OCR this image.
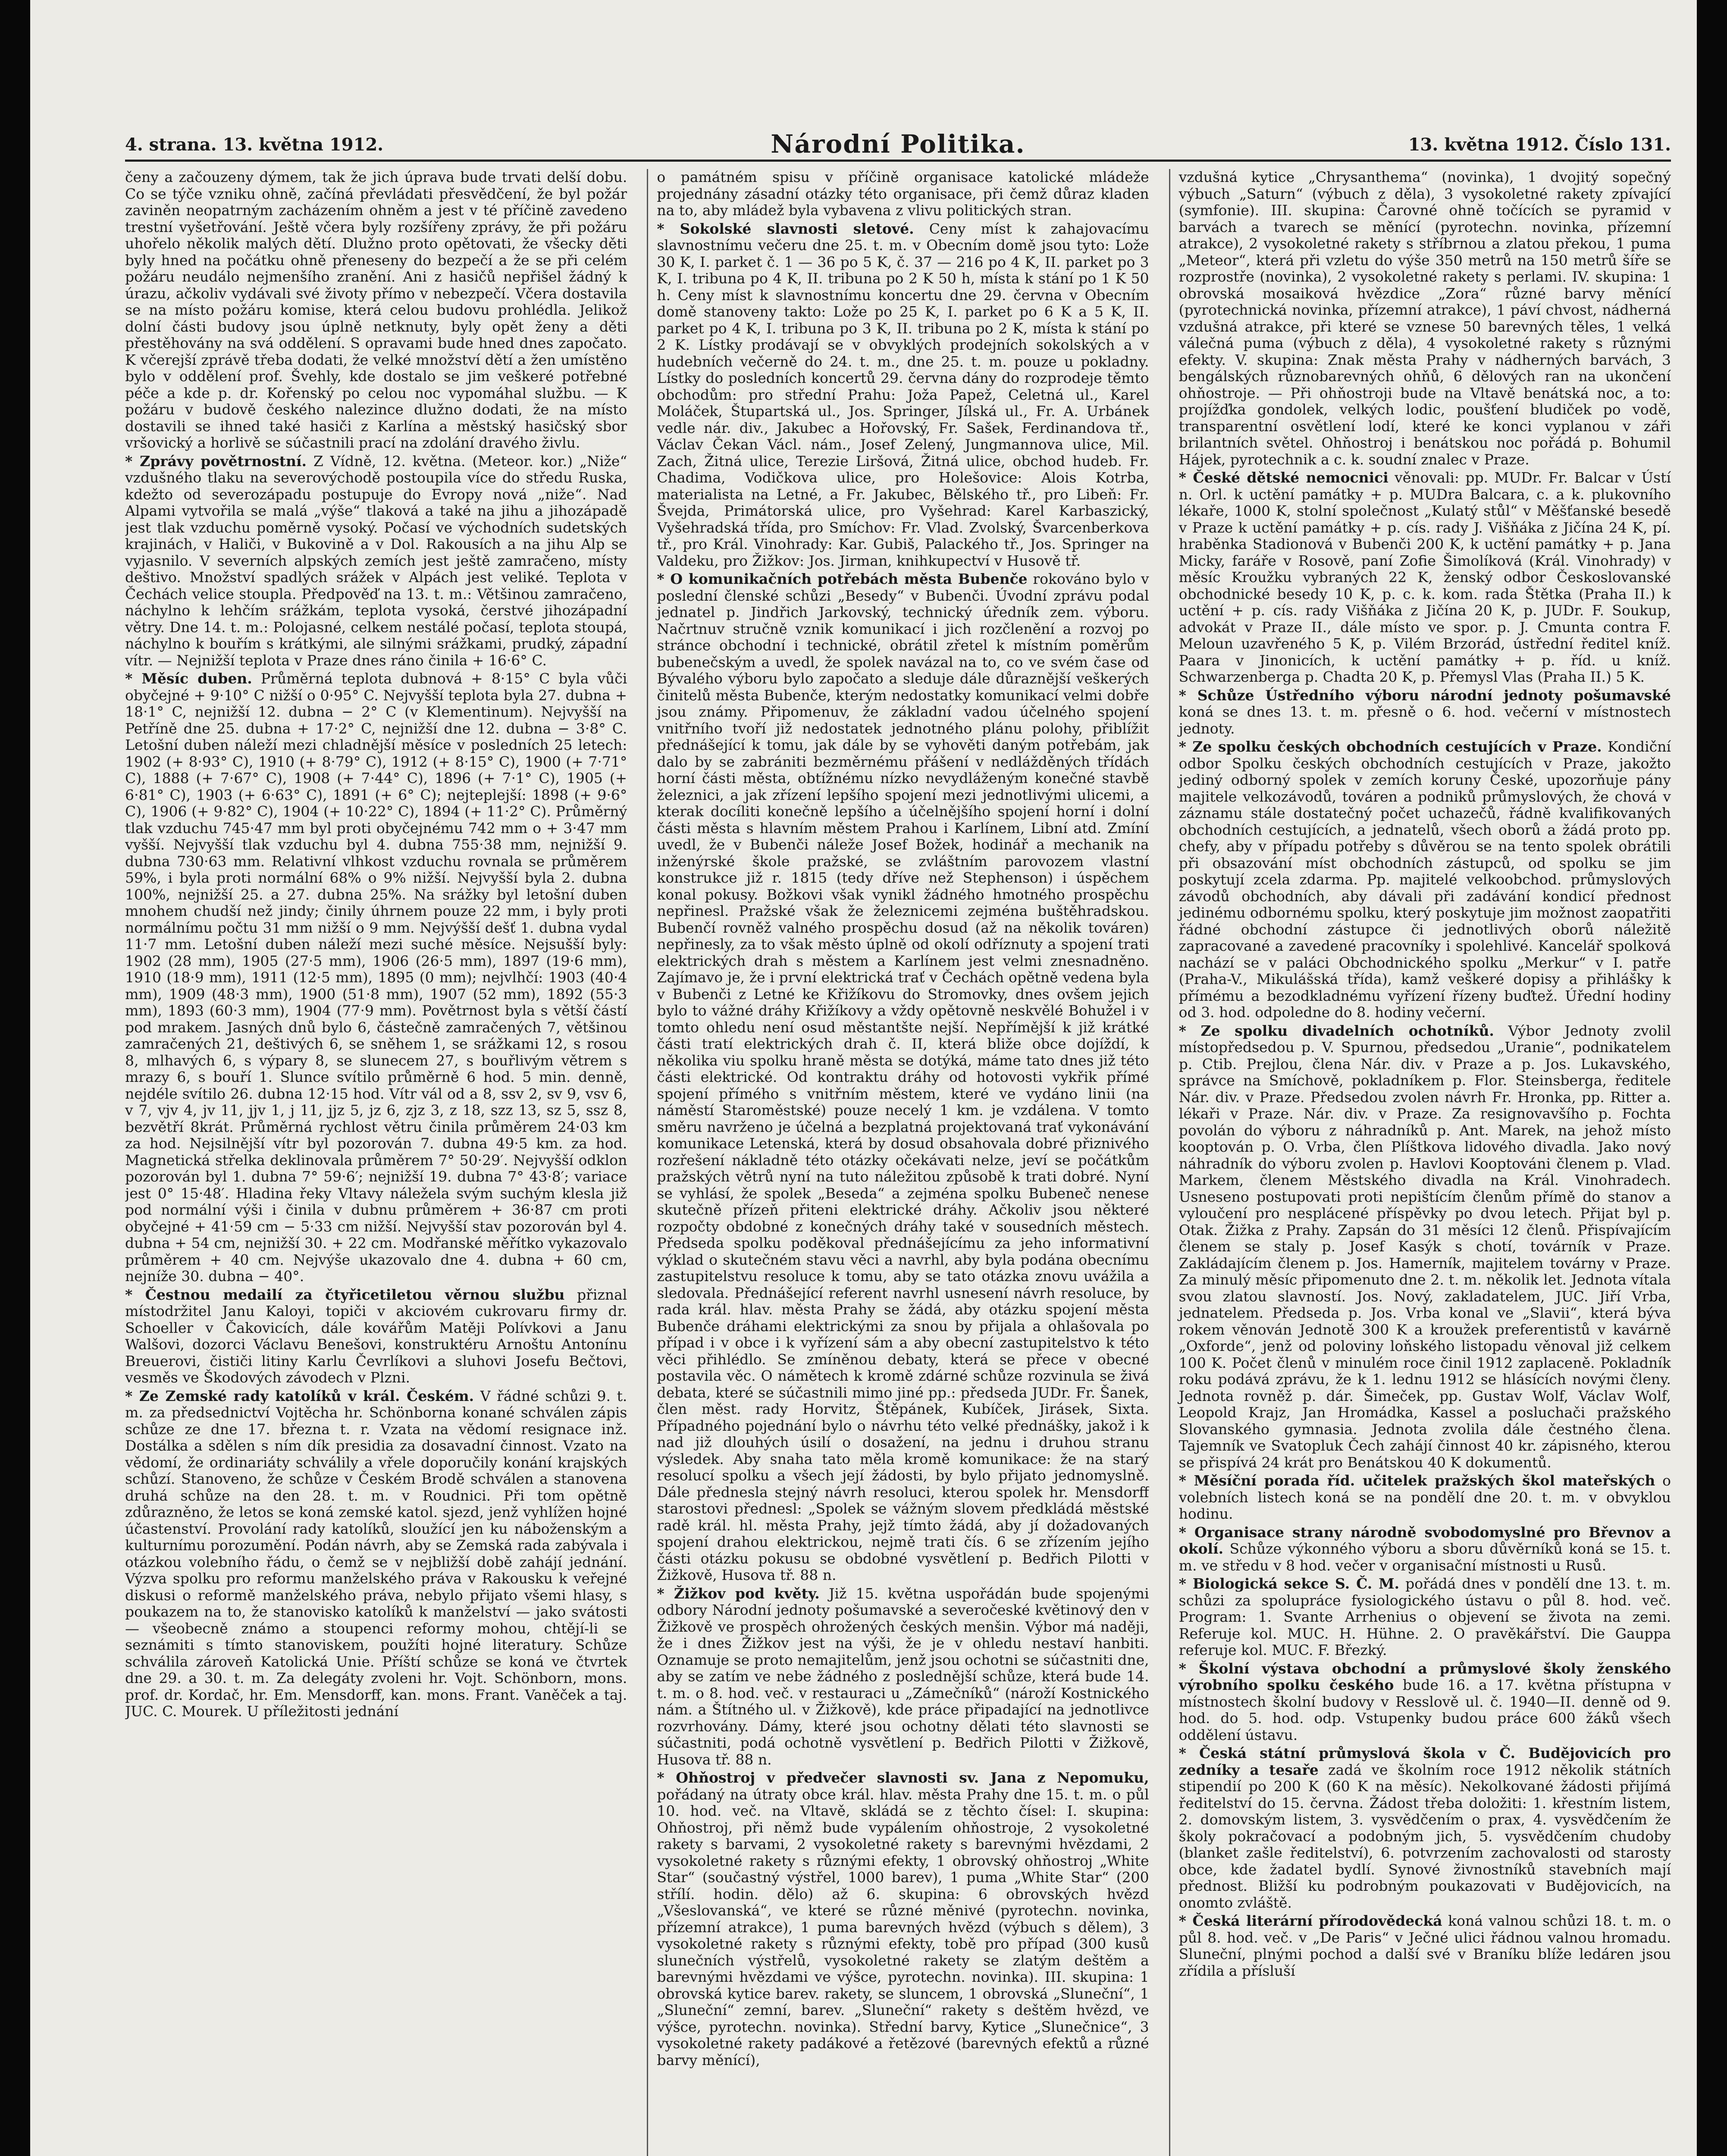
4. strana. 13. května 1912.	Národní Politika.	13. května 1912. Číslo 131.

čeny a začouzeny dýmem, tak že jich úprava bude trvati delší dobu. Co se týče vzniku ohně, začíná převládati přesvědčení, že byl požár zaviněn neopatrným zacházením ohněm a jest v té příčině zavedeno trestní vyšetřování. Ještě včera byly rozšířeny zprávy, že při požáru uhořelo několik malých dětí. Dlužno proto opětovati, že všecky děti byly hned na počátku ohně přeneseny do bezpečí a že se při celém požáru neudálo nejmenšího zranění. Ani z hasičů nepřišel žádný k úrazu, ačkoliv vydávali své životy přímo v nebezpečí. Včera dostavila se na místo požáru komise, která celou budovu prohlédla. Jelikož dolní části budovy jsou úplně netknuty, byly opět ženy a děti přestěhovány na svá oddělení. S opravami bude hned dnes započato. K včerejší zprávě třeba dodati, že velké množství dětí a žen umístěno bylo v oddělení prof. Švehly, kde dostalo se jim veškeré potřebné péče a kde p. dr. Kořenský po celou noc vypomáhal službu. — K požáru v budově českého nalezince dlužno dodati, že na místo dostavili se ihned také hasiči z Karlína a městský hasičský sbor vršovický a horlivě se súčastnili prací na zdolání dravého živlu.

* Zprávy povětrnostní. Z Vídně, 12. května. (Meteor. kor.) „Niže“ vzdušného tlaku na severovýchodě postoupila více do středu Ruska, kdežto od severozápadu postupuje do Evropy nová „niže“. Nad Alpami vytvořila se malá „výše“ tlaková a také na jihu a jihozápadě jest tlak vzduchu poměrně vysoký. Počasí ve východních sudetských krajinách, v Haliči, v Bukovině a v Dol. Rakousích a na jihu Alp se vyjasnilo. V severních alpských zemích jest ještě zamračeno, místy deštivo. Množství spadlých srážek v Alpách jest veliké. Teplota v Čechách velice stoupla. Předpověď na 13. t. m.: Většinou zamračeno, náchylno k lehčím srážkám, teplota vysoká, čerstvé jihozápadní větry. Dne 14. t. m.: Polojasné, celkem nestálé počasí, teplota stoupá, náchylno k bouřím s krátkými, ale silnými srážkami, prudký, západní vítr. — Nejnižší teplota v Praze dnes ráno činila + 16·6° C.

* Měsíc duben. Průměrná teplota dubnová + 8·15° C byla vůči obyčejné + 9·10° C nižší o 0·95° C. Nejvyšší teplota byla 27. dubna + 18·1° C, nejnižší 12. dubna − 2° C (v Klementinum). Nejvyšší na Petříně dne 25. dubna + 17·2° C, nejnižší dne 12. dubna − 3·8° C. Letošní duben náleží mezi chladnější měsíce v posledních 25 letech: 1902 (+ 8·93° C), 1910 (+ 8·79° C), 1912 (+ 8·15° C), 1900 (+ 7·71° C), 1888 (+ 7·67° C), 1908 (+ 7·44° C), 1896 (+ 7·1° C), 1905 (+ 6·81° C), 1903 (+ 6·63° C), 1891 (+ 6° C); nejteplejší: 1898 (+ 9·6° C), 1906 (+ 9·82° C), 1904 (+ 10·22° C), 1894 (+ 11·2° C). Průměrný tlak vzduchu 745·47 mm byl proti obyčejnému 742 mm o + 3·47 mm vyšší. Nejvyšší tlak vzduchu byl 4. dubna 755·38 mm, nejnižší 9. dubna 730·63 mm. Relativní vlhkost vzduchu rovnala se průměrem 59%, i byla proti normální 68% o 9% nižší. Nejvyšší byla 2. dubna 100%, nejnižší 25. a 27. dubna 25%. Na srážky byl letošní duben mnohem chudší než jindy; činily úhrnem pouze 22 mm, i byly proti normálnímu počtu 31 mm nižší o 9 mm. Nejvýšší dešť 1. dubna vydal 11·7 mm. Letošní duben náleží mezi suché měsíce. Nejsušší byly: 1902 (28 mm), 1905 (27·5 mm), 1906 (26·5 mm), 1897 (19·6 mm), 1910 (18·9 mm), 1911 (12·5 mm), 1895 (0 mm); nejvlhčí: 1903 (40·4 mm), 1909 (48·3 mm), 1900 (51·8 mm), 1907 (52 mm), 1892 (55·3 mm), 1893 (60·3 mm), 1904 (77·9 mm). Povětrnost byla s větší částí pod mrakem. Jasných dnů bylo 6, částečně zamračených 7, většinou zamračených 21, deštivých 6, se sněhem 1, se srážkami 12, s rosou 8, mlhavých 6, s výpary 8, se slunecem 27, s bouřlivým větrem s mrazy 6, s bouří 1. Slunce svítilo průměrně 6 hod. 5 min. denně, nejdéle svítilo 26. dubna 12·15 hod. Vítr vál od a 8, ssv 2, sv 9, vsv 6, v 7, vjv 4, jv 11, jjv 1, j 11, jjz 5, jz 6, zjz 3, z 18, szz 13, sz 5, ssz 8, bezvětří 8krát. Průměrná rychlost větru činila průměrem 24·03 km za hod. Nejsilnější vítr byl pozorován 7. dubna 49·5 km. za hod. Magnetická střelka deklinovala průměrem 7° 50·29′. Nejvyšší odklon pozorován byl 1. dubna 7° 59·6′; nejnižší 19. dubna 7° 43·8′; variace jest 0° 15·48′. Hladina řeky Vltavy náležela svým suchým klesla již pod normální výši i činila v dubnu průměrem + 36·87 cm proti obyčejné + 41·59 cm − 5·33 cm nižší. Nejvyšší stav pozorován byl 4. dubna + 54 cm, nejnižší 30. + 22 cm. Modřanské měřítko vykazovalo průměrem + 40 cm. Nejvýše ukazovalo dne 4. dubna + 60 cm, nejníže 30. dubna − 40°.

* Čestnou medailí za čtyřicetiletou věrnou službu přiznal místodržitel Janu Kaloyi, topiči v akciovém cukrovaru firmy dr. Schoeller v Čakovicích, dále kovářům Matěji Polívkovi a Janu Walšovi, dozorci Václavu Benešovi, konstruktéru Arnoštu Antonínu Breuerovi, čističi litiny Karlu Čevrlíkovi a sluhovi Josefu Bečtovi, vesměs ve Škodových závodech v Plzni.

* Ze Zemské rady katolíků v král. Českém. V řádné schůzi 9. t. m. za předsednictví Vojtěcha hr. Schönborna konané schválen zápis schůze ze dne 17. března t. r. Vzata na vědomí resignace inž. Dostálka a sdělen s ním dík presidia za dosavadní činnost. Vzato na vědomí, že ordinariáty schválily a vřele doporučily konání krajských schůzí. Stanoveno, že schůze v Českém Brodě schválen a stanovena druhá schůze na den 28. t. m. v Roudnici. Při tom opětně zdůrazněno, že letos se koná zemské katol. sjezd, jenž vyhlížen hojné účastenství. Provolání rady katolíků, sloužící jen ku náboženským a kulturnímu porozumění. Podán návrh, aby se Zemská rada zabývala i otázkou volebního řádu, o čemž se v nejbližší době zahájí jednání. Výzva spolku pro reformu manželského práva v Rakousku k veřejné diskusi o reformě manželského práva, nebylo přijato všemi hlasy, s poukazem na to, že stanovisko katolíků k manželství — jako svátosti — všeobecně známo a stoupenci reformy mohou, chtějí-li se seznámiti s tímto stanoviskem, použíti hojné literatury. Schůze schválila zároveň Katolická Unie. Příští schůze se koná ve čtvrtek dne 29. a 30. t. m. Za delegáty zvoleni hr. Vojt. Schönborn, mons. prof. dr. Kordač, hr. Em. Mensdorff, kan. mons. Frant. Vaněček a taj. JUC. C. Mourek. U příležitosti jednání

o památném spisu v příčině organisace katolické mládeže projednány zásadní otázky této organisace, při čemž důraz kladen na to, aby mládež byla vybavena z vlivu politických stran.

* Sokolské slavnosti sletové. Ceny míst k zahajovacímu slavnostnímu večeru dne 25. t. m. v Obecním domě jsou tyto: Lože 30 K, I. parket č. 1 — 36 po 5 K, č. 37 — 216 po 4 K, II. parket po 3 K, I. tribuna po 4 K, II. tribuna po 2 K 50 h, místa k stání po 1 K 50 h. Ceny míst k slavnostnímu koncertu dne 29. června v Obecním domě stanoveny takto: Lože po 25 K, I. parket po 6 K a 5 K, II. parket po 4 K, I. tribuna po 3 K, II. tribuna po 2 K, místa k stání po 2 K. Lístky prodávají se v obvyklých prodejních sokolských a v hudebních večerně do 24. t. m., dne 25. t. m. pouze u pokladny. Lístky do posledních koncertů 29. června dány do rozprodeje těmto obchodům: pro střední Prahu: Joža Papež, Celetná ul., Karel Moláček, Štupartská ul., Jos. Springer, Jílská ul., Fr. A. Urbánek vedle nár. div., Jakubec a Hořovský, Fr. Sašek, Ferdinandova tř., Václav Čekan Václ. nám., Josef Zelený, Jungmannova ulice, Mil. Zach, Žitná ulice, Terezie Liršová, Žitná ulice, obchod hudeb. Fr. Chadima, Vodičkova ulice, pro Holešovice: Alois Kotrba, materialista na Letné, a Fr. Jakubec, Bělského tř., pro Libeň: Fr. Švejda, Primátorská ulice, pro Vyšehrad: Karel Karbaszický, Vyšehradská třída, pro Smíchov: Fr. Vlad. Zvolský, Švarcenberkova tř., pro Král. Vinohrady: Kar. Gubiš, Palackého tř., Jos. Springer na Valdeku, pro Žižkov: Jos. Jirman, knihkupectví v Husově tř.

* O komunikačních potřebách města Bubenče rokováno bylo v poslední členské schůzi „Besedy“ v Bubenči. Úvodní zprávu podal jednatel p. Jindřich Jarkovský, technický úředník zem. výboru. Načrtnuv stručně vznik komunikací i jich rozčlenění a rozvoj po stránce obchodní i technické, obrátil zřetel k místním poměrům bubenečským a uvedl, že spolek navázal na to, co ve svém čase od Bývalého výboru bylo započato a sleduje dále důraznější veškerých činitelů města Bubenče, kterým nedostatky komunikací velmi dobře jsou známy. Připomenuv, že základní vadou účelného spojení vnitřního tvoří již nedostatek jednotného plánu polohy, přiblížit přednášející k tomu, jak dále by se vyhověti daným potřebám, jak dalo by se zabrániti bezměrnému přášení v nedlážděných třídách horní části města, obtížnému nízko nevydláženým konečné stavbě železnici, a jak zřízení lepšího spojení mezi jednotlivými ulicemi, a kterak docíliti konečně lepšího a účelnějšího spojení horní i dolní části města s hlavním městem Prahou i Karlínem, Libní atd. Zmíní uvedl, že v Bubenči náleže Josef Božek, hodinář a mechanik na inženýrské škole pražské, se zvláštním parovozem vlastní konstrukce již r. 1815 (tedy dříve než Stephenson) i úspěchem konal pokusy. Božkovi však vynikl žádného hmotného prospěchu nepřinesl. Pražské však že železnicemi zejména buštěhradskou. Bubenčí rovněž valného prospěchu dosud (až na několik továren) nepřinesly, za to však město úplně od okolí odříznuty a spojení trati elektrických drah s městem a Karlínem jest velmi znesnadněno. Zajímavo je, že i první elektrická trať v Čechách opětně vedena byla v Bubenči z Letné ke Křižíkovu do Stromovky, dnes ovšem jejich bylo to vážné dráhy Křižíkovy a vždy opětovně neskvělé Bohužel i v tomto ohledu není osud městantšte nejší. Nepřímější k již krátké části tratí elektrických drah č. II, která bliže obce dojíždí, k několika viu spolku hraně města se dotýká, máme tato dnes již této části elektrické. Od kontraktu dráhy od hotovosti vykřik přímé spojení přímého s vnitřním městem, které ve vydáno linii (na náměstí Staroměstské) pouze necelý 1 km. je vzdálena. V tomto směru navrženo je účelná a bezplatná projektovaná trať vykonávání komunikace Letenská, která by dosud obsahovala dobré přiznivého rozřešení nákladně této otázky očekávati nelze, jeví se počátkům pražských větrů nyní na tuto náležitou způsobě k trati dobré. Nyní se vyhlásí, že spolek „Beseda“ a zejména spolku Bubeneč nenese skutečně přízeň přiteni elektrické dráhy. Ačkoliv jsou některé rozpočty obdobné z konečných dráhy také v sousedních městech. Předseda spolku poděkoval přednášejícímu za jeho informativní výklad o skutečném stavu věci a navrhl, aby byla podána obecnímu zastupitelstvu resoluce k tomu, aby se tato otázka znovu uvážila a sledovala. Přednášející referent navrhl usnesení návrh resoluce, by rada král. hlav. města Prahy se žádá, aby otázku spojení města Bubenče dráhami elektrickými za snou by přijala a ohlašovala po případ i v obce i k vyřízení sám a aby obecní zastupitelstvo k této věci přihlédlo. Se zmíněnou debaty, která se přece v obecné postavila věc. O námětech k kromě zdárné schůze rozvinula se živá debata, které se súčastnili mimo jiné pp.: předseda JUDr. Fr. Šanek, člen měst. rady Horvitz, Štěpánek, Kubíček, Jirásek, Sixta. Případného pojednání bylo o návrhu této velké přednášky, jakož i k nad již dlouhých úsilí o dosažení, na jednu i druhou stranu výsledek. Aby snaha tato měla kromě komunikace: že na starý resolucí spolku a všech její žádosti, by bylo přijato jednomyslně. Dále přednesla stejný návrh resoluci, kterou spolek hr. Mensdorff starostovi přednesl: „Spolek se vážným slovem předkládá městské radě král. hl. města Prahy, jejž tímto žádá, aby jí dožadovaných spojení drahou elektrickou, nejmě trati čís. 6 se zřízením jejího části otázku pokusu se obdobné vysvětlení p. Bedřich Pilotti v Žižkově, Husova tř. 88 n.

* Žižkov pod květy. Již 15. května uspořádán bude spojenými odbory Národní jednoty pošumavské a severočeské květinový den v Žižkově ve prospěch ohrožených českých menšin. Výbor má naději, že i dnes Žižkov jest na výši, že je v ohledu nestaví hanbiti. Oznamuje se proto nemajitelům, jenž jsou ochotni se súčastniti dne, aby se zatím ve nebe žádného z poslednější schůze, která bude 14. t. m. o 8. hod. več. v restauraci u „Zámečníků“ (nároží Kostnického nám. a Štítného ul. v Žižkově), kde práce připadající na jednotlivce rozvrhovány. Dámy, které jsou ochotny dělati této slavnosti se súčastniti, podá ochotně vysvětlení p. Bedřich Pilotti v Žižkově, Husova tř. 88 n.

* Ohňostroj v předvečer slavnosti sv. Jana z Nepomuku, pořádaný na útraty obce král. hlav. města Prahy dne 15. t. m. o půl 10. hod. več. na Vltavě, skládá se z těchto čísel: I. skupina: Ohňostroj, při němž bude vypálením ohňostroje, 2 vysokoletné rakety s barvami, 2 vysokoletné rakety s barevnými hvězdami, 2 vysokoletné rakety s různými efekty, 1 obrovský ohňostroj „White Star“ (součastný výstřel, 1000 barev), 1 puma „White Star“ (200 střílí. hodin. dělo) až 6. skupina: 6 obrovských hvězd „Všeslovanská“, ve které se různé měnivé (pyrotechn. novinka, přízemní atrakce), 1 puma barevných hvězd (výbuch s dělem), 3 vysokoletné rakety s různými efekty, tobě pro případ (300 kusů slunečních výstřelů, vysokoletné rakety se zlatým deštěm a barevnými hvězdami ve výšce, pyrotechn. novinka). III. skupina: 1 obrovská kytice barev. rakety, se sluncem, 1 obrovská „Sluneční“, 1 „Sluneční“ zemní, barev. „Sluneční“ rakety s deštěm hvězd, ve výšce, pyrotechn. novinka). Střední barvy, Kytice „Slunečnice“, 3 vysokoletné rakety padákové a řetězové (barevných efektů a různé barvy měnící),

vzdušná kytice „Chrysanthema“ (novinka), 1 dvojitý sopečný výbuch „Saturn“ (výbuch z děla), 3 vysokoletné rakety zpívající (symfonie). III. skupina: Čarovné ohně točících se pyramid v barvách a tvarech se měnící (pyrotechn. novinka, přízemní atrakce), 2 vysokoletné rakety s stříbrnou a zlatou překou, 1 puma „Meteor“, která při vzletu do výše 350 metrů na 150 metrů šíře se rozprostře (novinka), 2 vysokoletné rakety s perlami. IV. skupina: 1 obrovská mosaiková hvězdice „Zora“ různé barvy měnící (pyrotechnická novinka, přízemní atrakce), 1 páví chvost, nádherná vzdušná atrakce, při které se vznese 50 barevných těles, 1 velká válečná puma (výbuch z děla), 4 vysokoletné rakety s různými efekty. V. skupina: Znak města Prahy v nádherných barvách, 3 bengálských různobarevných ohňů, 6 dělových ran na ukončení ohňostroje. — Při ohňostroji bude na Vltavě benátská noc, a to: projížďka gondolek, velkých lodic, poušťení bludiček po vodě, transparentní osvětlení lodí, které ke konci vyplanou v záři brilantních světel. Ohňostroj i benátskou noc pořádá p. Bohumil Hájek, pyrotechnik a c. k. soudní znalec v Praze.

* České dětské nemocnici věnovali: pp. MUDr. Fr. Balcar v Ústí n. Orl. k uctění památky + p. MUDra Balcara, c. a k. plukovního lékaře, 1000 K, stolní společnost „Kulatý stůl“ v Měšťanské besedě v Praze k uctění památky + p. cís. rady J. Višňáka z Jičína 24 K, pí. hraběnka Stadionová v Bubenči 200 K, k uctění památky + p. Jana Micky, faráře v Rosově, paní Zofie Šimolíková (Král. Vinohrady) v měsíc Kroužku vybraných 22 K, ženský odbor Českoslovanské obchodnické besedy 10 K, p. c. k. kom. rada Štětka (Praha II.) k uctění + p. cís. rady Višňáka z Jičína 20 K, p. JUDr. F. Soukup, advokát v Praze II., dále místo ve spor. p. J. Cmunta contra F. Meloun uzavřeného 5 K, p. Vilém Brzorád, ústřední ředitel kníž. Paara v Jinonicích, k uctění památky + p. říd. u kníž. Schwarzenberga p. Chadta 20 K, p. Přemysl Vlas (Praha II.) 5 K.

* Schůze Ústředního výboru národní jednoty pošumavské koná se dnes 13. t. m. přesně o 6. hod. večerní v místnostech jednoty.

* Ze spolku českých obchodních cestujících v Praze. Kondiční odbor Spolku českých obchodních cestujících v Praze, jakožto jediný odborný spolek v zemích koruny České, upozorňuje pány majitele velkozávodů, továren a podniků průmyslových, že chová v záznamu stále dostatečný počet uchazečů, řádně kvalifikovaných obchodních cestujících, a jednatelů, všech oborů a žádá proto pp. chefy, aby v případu potřeby s důvěrou se na tento spolek obrátili při obsazování míst obchodních zástupců, od spolku se jim poskytují zcela zdarma. Pp. majitelé velkoobchod. průmyslových závodů obchodních, aby dávali při zadávání kondicí přednost jedinému odbornému spolku, který poskytuje jim možnost zaopatřiti řádné obchodní zástupce či jednotlivých oborů náležitě zapracované a zavedené pracovníky i spolehlivé. Kancelář spolková nachází se v paláci Obchodnického spolku „Merkur“ v I. patře (Praha-V., Mikulášská třída), kamž veškeré dopisy a přihlášky k přímému a bezodkladnému vyřízení řízeny buďtež. Úřední hodiny od 3. hod. odpoledne do 8. hodiny večerní.

* Ze spolku divadelních ochotníků. Výbor Jednoty zvolil místopředsedou p. V. Spurnou, předsedou „Uranie“, podnikatelem p. Ctib. Prejlou, člena Nár. div. v Praze a p. Jos. Lukavského, správce na Smíchově, pokladníkem p. Flor. Steinsberga, ředitele Nár. div. v Praze. Předsedou zvolen návrh Fr. Hronka, pp. Ritter a. lékaři v Praze. Nár. div. v Praze. Za resignovavšího p. Fochta povolán do výboru z náhradníků p. Ant. Marek, na jehož místo kooptován p. O. Vrba, člen Plíštkova lidového divadla. Jako nový náhradník do výboru zvolen p. Havlovi Kooptováni členem p. Vlad. Markem, členem Městského divadla na Král. Vinohradech. Usneseno postupovati proti nepištícím členům přímě do stanov a vyloučení pro nesplácené příspěvky po dvou letech. Přijat byl p. Otak. Žižka z Prahy. Zapsán do 31 měsíci 12 členů. Přispívajícím členem se staly p. Josef Kasýk s chotí, továrník v Praze. Zakládajícím členem p. Jos. Hamerník, majitelem továrny v Praze. Za minulý měsíc připomenuto dne 2. t. m. několik let. Jednota vítala svou zlatou slavností. Jos. Nový, zakladatelem, JUC. Jiří Vrba, jednatelem. Předseda p. Jos. Vrba konal ve „Slavii“, která býva rokem věnován Jednotě 300 K a kroužek preferentistů v kavárně „Oxforde“, jenž od poloviny loňského listopadu věnoval již celkem 100 K. Počet členů v minulém roce činil 1912 zaplaceně. Pokladník roku podává zprávu, že k 1. lednu 1912 se hlásících novými členy. Jednota rovněž p. dár. Šimeček, pp. Gustav Wolf, Václav Wolf, Leopold Krajz, Jan Hromádka, Kassel a posluchači pražského Slovanského gymnasia. Jednota zvolila dále čestného člena. Tajemník ve Svatopluk Čech zahájí činnost 40 kr. zápisného, kterou se přispívá 24 krát pro Benátskou 40 K dokumentů.

* Měsíční porada říd. učitelek pražských škol mateřských o volebních listech koná se na pondělí dne 20. t. m. v obvyklou hodinu.

* Organisace strany národně svobodomyslné pro Břevnov a okolí. Schůze výkonného výboru a sboru důvěrníků koná se 15. t. m. ve středu v 8 hod. večer v organisační místnosti u Rusů.

* Biologická sekce S. Č. M. pořádá dnes v pondělí dne 13. t. m. schůzi za spolupráce fysiologického ústavu o půl 8. hod. več. Program: 1. Svante Arrhenius o objevení se života na zemi. Referuje kol. MUC. H. Hühne. 2. O pravěkářství. Die Gauppa referuje kol. MUC. F. Březký.

* Školní výstava obchodní a průmyslové školy ženského výrobního spolku českého bude 16. a 17. května přístupna v místnostech školní budovy v Resslově ul. č. 1940—II. denně od 9. hod. do 5. hod. odp. Vstupenky budou práce 600 žáků všech oddělení ústavu.

* Česká státní průmyslová škola v Č. Budějovicích pro zedníky a tesaře zadá ve školním roce 1912 několik státních stipendií po 200 K (60 K na měsíc). Nekolkované žádosti přijímá ředitelství do 15. června. Žádost třeba doložiti: 1. křestním listem, 2. domovským listem, 3. vysvědčením o prax, 4. vysvědčením že školy pokračovací a podobným jich, 5. vysvědčením chudoby (blanket zašle ředitelství), 6. potvrzením zachovalosti od starosty obce, kde žadatel bydlí. Synové živnostníků stavebních mají přednost. Bližší ku podrobným poukazovati v Budějovicích, na onomto zvláště.

* Česká literární přírodovědecká koná valnou schůzi 18. t. m. o půl 8. hod. več. v „De Paris“ v Ječné ulici řádnou valnou hromadu. Sluneční, plnými pochod a další své v Braníku blíže ledáren jsou zřídila a přísluší
